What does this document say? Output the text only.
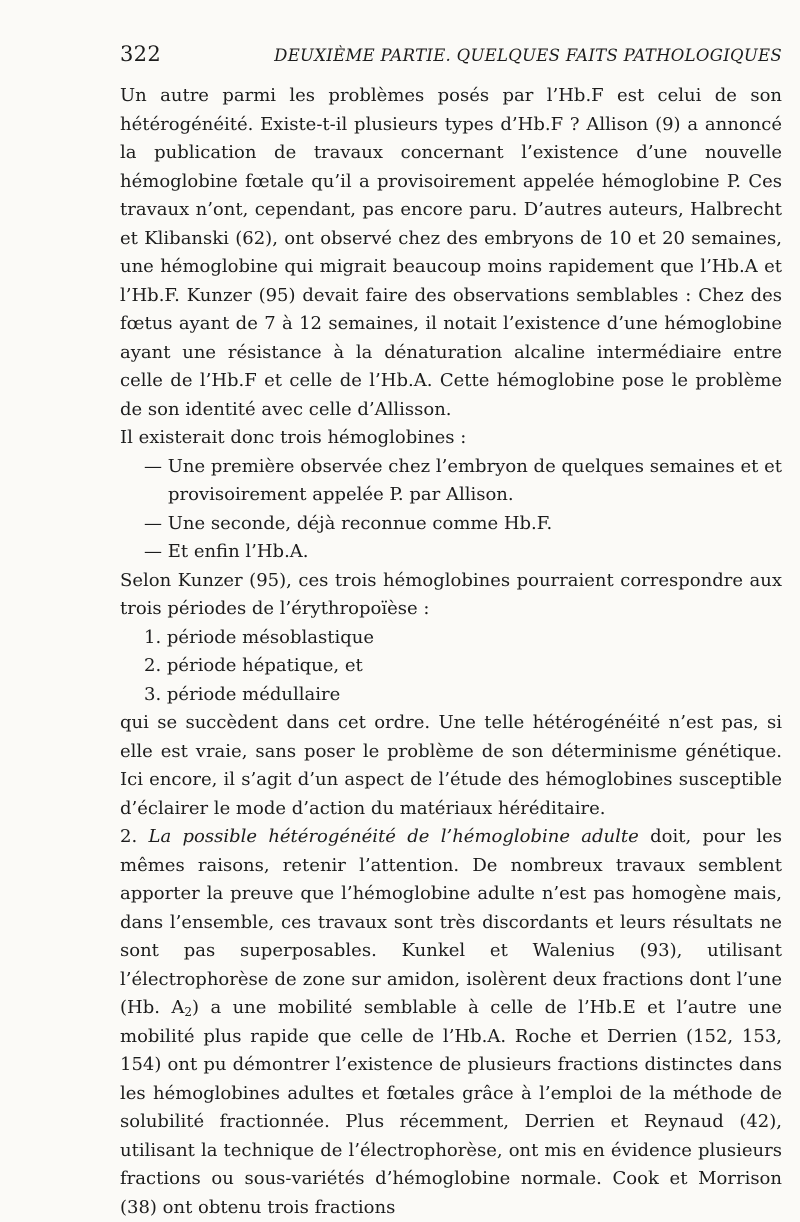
322	DEUXIÈME PARTIE. QUELQUES FAITS PATHOLOGIQUES

Un autre parmi les problèmes posés par l’Hb.F est celui de son hétérogénéité. Existe-t-il plusieurs types d’Hb.F ? Allison (9) a annoncé la publication de travaux concernant l’existence d’une nouvelle hémoglobine fœtale qu’il a provisoirement appelée hémoglobine P. Ces travaux n’ont, cependant, pas encore paru. D’autres auteurs, Halbrecht et Klibanski (62), ont observé chez des embryons de 10 et 20 semaines, une hémoglobine qui migrait beaucoup moins rapidement que l’Hb.A et l’Hb.F. Kunzer (95) devait faire des observations semblables : Chez des fœtus ayant de 7 à 12 semaines, il notait l’existence d’une hémoglobine ayant une résistance à la dénaturation alcaline intermédiaire entre celle de l’Hb.F et celle de l’Hb.A. Cette hémoglobine pose le problème de son identité avec celle d’Allisson.

Il existerait donc trois hémoglobines :

— Une première observée chez l’embryon de quelques semaines et et provisoirement appelée P. par Allison.

— Une seconde, déjà reconnue comme Hb.F.

— Et enfin l’Hb.A.

Selon Kunzer (95), ces trois hémoglobines pourraient correspondre aux trois périodes de l’érythropoïèse :

1. période mésoblastique

2. période hépatique, et

3. période médullaire

qui se succèdent dans cet ordre. Une telle hétérogénéité n’est pas, si elle est vraie, sans poser le problème de son déterminisme génétique. Ici encore, il s’agit d’un aspect de l’étude des hémoglobines susceptible d’éclairer le mode d’action du matériaux héréditaire.

2. La possible hétérogénéité de l’hémoglobine adulte doit, pour les mêmes raisons, retenir l’attention. De nombreux travaux semblent apporter la preuve que l’hémoglobine adulte n’est pas homogène mais, dans l’ensemble, ces travaux sont très discordants et leurs résultats ne sont pas superposables. Kunkel et Walenius (93), utilisant l’électrophorèse de zone sur amidon, isolèrent deux fractions dont l’une (Hb. $A_2$) a une mobilité semblable à celle de l’Hb.E et l’autre une mobilité plus rapide que celle de l’Hb.A. Roche et Derrien (152, 153, 154) ont pu démontrer l’existence de plusieurs fractions distinctes dans les hémoglobines adultes et fœtales grâce à l’emploi de la méthode de solubilité fractionnée. Plus récemment, Derrien et Reynaud (42), utilisant la technique de l’électrophorèse, ont mis en évidence plusieurs fractions ou sous-variétés d’hémoglobine normale. Cook et Morrison (38) ont obtenu trois fractions
